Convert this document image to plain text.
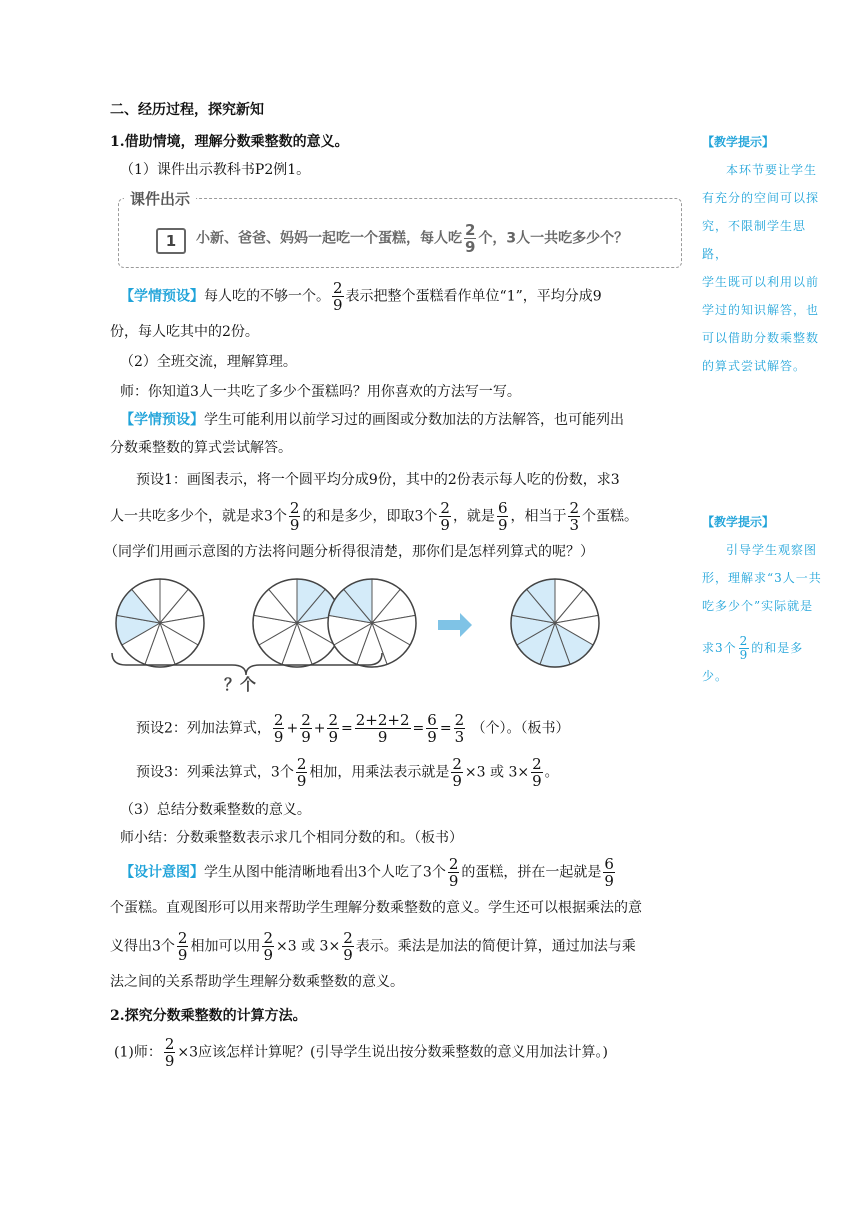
二、经历过程，探究新知
1.借助情境，理解分数乘整数的意义。
（1）课件出示教科书P2例1。
课件出示
1	小新、爸爸、妈妈一起吃一个蛋糕，每人吃 $\frac{2}{9}$ 个，3人一共吃多少个？
【学情预设】每人吃的不够一个。 $\frac{2}{9}$ 表示把整个蛋糕看作单位“1”，平均分成9
份，每人吃其中的2份。
（2）全班交流，理解算理。
师：你知道3人一共吃了多少个蛋糕吗？用你喜欢的方法写一写。
【学情预设】学生可能利用以前学习过的画图或分数加法的方法解答，也可能列出
分数乘整数的算式尝试解答。
预设1：画图表示，将一个圆平均分成9份，其中的2份表示每人吃的份数，求3
人一共吃多少个，就是求3个 $\frac{2}{9}$ 的和是多少，即取3个 $\frac{2}{9}$ ，就是 $\frac{6}{9}$ ，相当于 $\frac{2}{3}$ 个蛋糕。
（同学们用画示意图的方法将问题分析得很清楚，那你们是怎样列算式的呢？）
？个
预设2：列加法算式， $\frac{2}{9} + \frac{2}{9} + \frac{2}{9} = \frac{2+2+2}{9} = \frac{6}{9} = \frac{2}{3}$ （个）。（板书）
预设3：列乘法算式，3个 $\frac{2}{9}$ 相加，用乘法表示就是 $\frac{2}{9} \times 3$ 或 $3\times \frac{2}{9}$ 。
（3）总结分数乘整数的意义。
师小结：分数乘整数表示求几个相同分数的和。（板书）
【设计意图】学生从图中能清晰地看出3个人吃了3个 $\frac{2}{9}$ 的蛋糕，拼在一起就是 $\frac{6}{9}$
个蛋糕。直观图形可以用来帮助学生理解分数乘整数的意义。学生还可以根据乘法的意
义得出3个 $\frac{2}{9}$ 相加可以用 $\frac{2}{9} \times 3$ 或 $3\times \frac{2}{9}$ 表示。乘法是加法的简便计算，通过加法与乘
法之间的关系帮助学生理解分数乘整数的意义。
2.探究分数乘整数的计算方法。
(1)师： $\frac{2}{9} \times 3$应该怎样计算呢？(引导学生说出按分数乘整数的意义用加法计算。)
【教学提示】
本环节要让学生
有充分的空间可以探
究，不限制学生思路，
学生既可以利用以前
学过的知识解答，也
可以借助分数乘整数
的算式尝试解答。
【教学提示】
引导学生观察图
形，理解求“3人一共
吃多少个”实际就是
求3个 $\frac{2}{9}$ 的和是多少。
